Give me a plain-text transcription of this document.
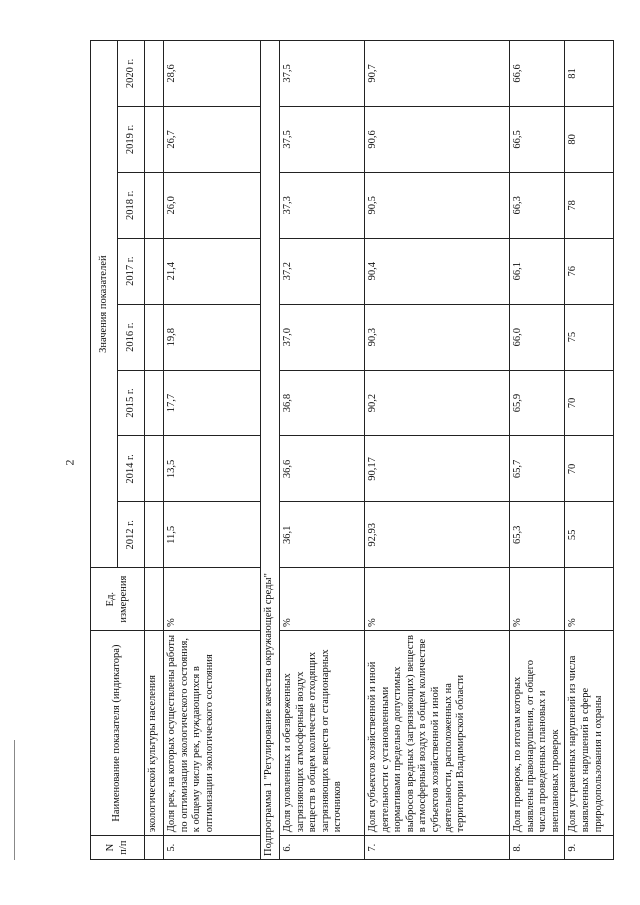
2
N п/п	Наименование показателя (индикатора)	Ед. измерения	Значения показателей							
			2012 г.	2014 г.	2015 г.	2016 г.	2017 г.	2018 г.	2019 г.	2020 г.
	экологической культуры населения									
5.	Доля рек, на которых осуществлены работы по оптимизации экологического состояния, к общему числу рек, нуждающихся в оптимизации экологического состояния	%	11,5	13,5	17,7	19,8	21,4	26,0	26,7	28,6
Подпрограмма 1 "Регулирование качества окружающей среды"										
6.	Доля уловленных и обезвреженных загрязняющих атмосферный воздух веществ в общем количестве отходящих загрязняющих веществ от стационарных источников	%	36,1	36,6	36,8	37,0	37,2	37,3	37,5	37,5
7.	Доля субъектов хозяйственной и иной деятельности с установленными нормативами предельно допустимых выбросов вредных (загрязняющих) веществ в атмосферный воздух в общем количестве субъектов хозяйственной и иной деятельности, расположенных на территории Владимирской области	%	92,93	90,17	90,2	90,3	90,4	90,5	90,6	90,7
8.	Доля проверок, по итогам которых выявлены правонарушения, от общего числа проведенных плановых и внеплановых проверок	%	65,3	65,7	65,9	66,0	66,1	66,3	66,5	66,6
9.	Доля устраненных нарушений из числа выявленных нарушений в сфере природопользования и охраны	%	55	70	70	75	76	78	80	81
